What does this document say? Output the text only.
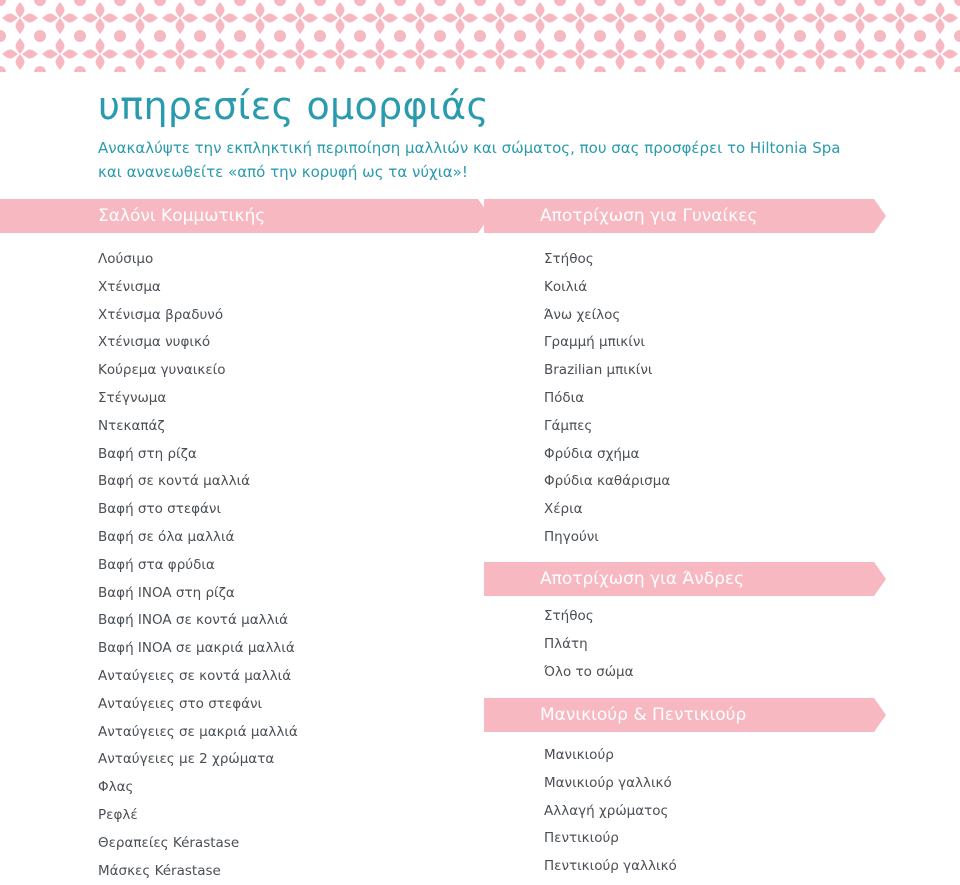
υπηρεσίες ομορφιάς

Ανακαλύψτε την εκπληκτική περιποίηση μαλλιών και σώματος, που σας προσφέρει το Hiltonia Spa και ανανεωθείτε «από την κορυφή ως τα νύχια»!

Σαλόνι Κομμωτικής
Λούσιμο
Χτένισμα
Χτένισμα βραδυνό
Χτένισμα νυφικό
Κούρεμα γυναικείο
Στέγνωμα
Ντεκαπάζ
Βαφή στη ρίζα
Βαφή σε κοντά μαλλιά
Βαφή στο στεφάνι
Βαφή σε όλα μαλλιά
Βαφή στα φρύδια
Βαφή INOA στη ρίζα
Βαφή INOA σε κοντά μαλλιά
Βαφή INOA σε μακριά μαλλιά
Ανταύγειες σε κοντά μαλλιά
Ανταύγειες στο στεφάνι
Ανταύγειες σε μακριά μαλλιά
Ανταύγειες με 2 χρώματα
Φλας
Ρεφλέ
Θεραπείες Kérastase
Μάσκες Kérastase
Αποτρίχωση για Γυναίκες
Στήθος
Κοιλιά
Άνω χείλος
Γραμμή μπικίνι
Brazilian μπικίνι
Πόδια
Γάμπες
Φρύδια σχήμα
Φρύδια καθάρισμα
Χέρια
Πηγούνι
Αποτρίχωση για Άνδρες
Στήθος
Πλάτη
Όλο το σώμα
Μανικιούρ & Πεντικιούρ
Μανικιούρ
Μανικιούρ γαλλικό
Αλλαγή χρώματος
Πεντικιούρ
Πεντικιούρ γαλλικό
